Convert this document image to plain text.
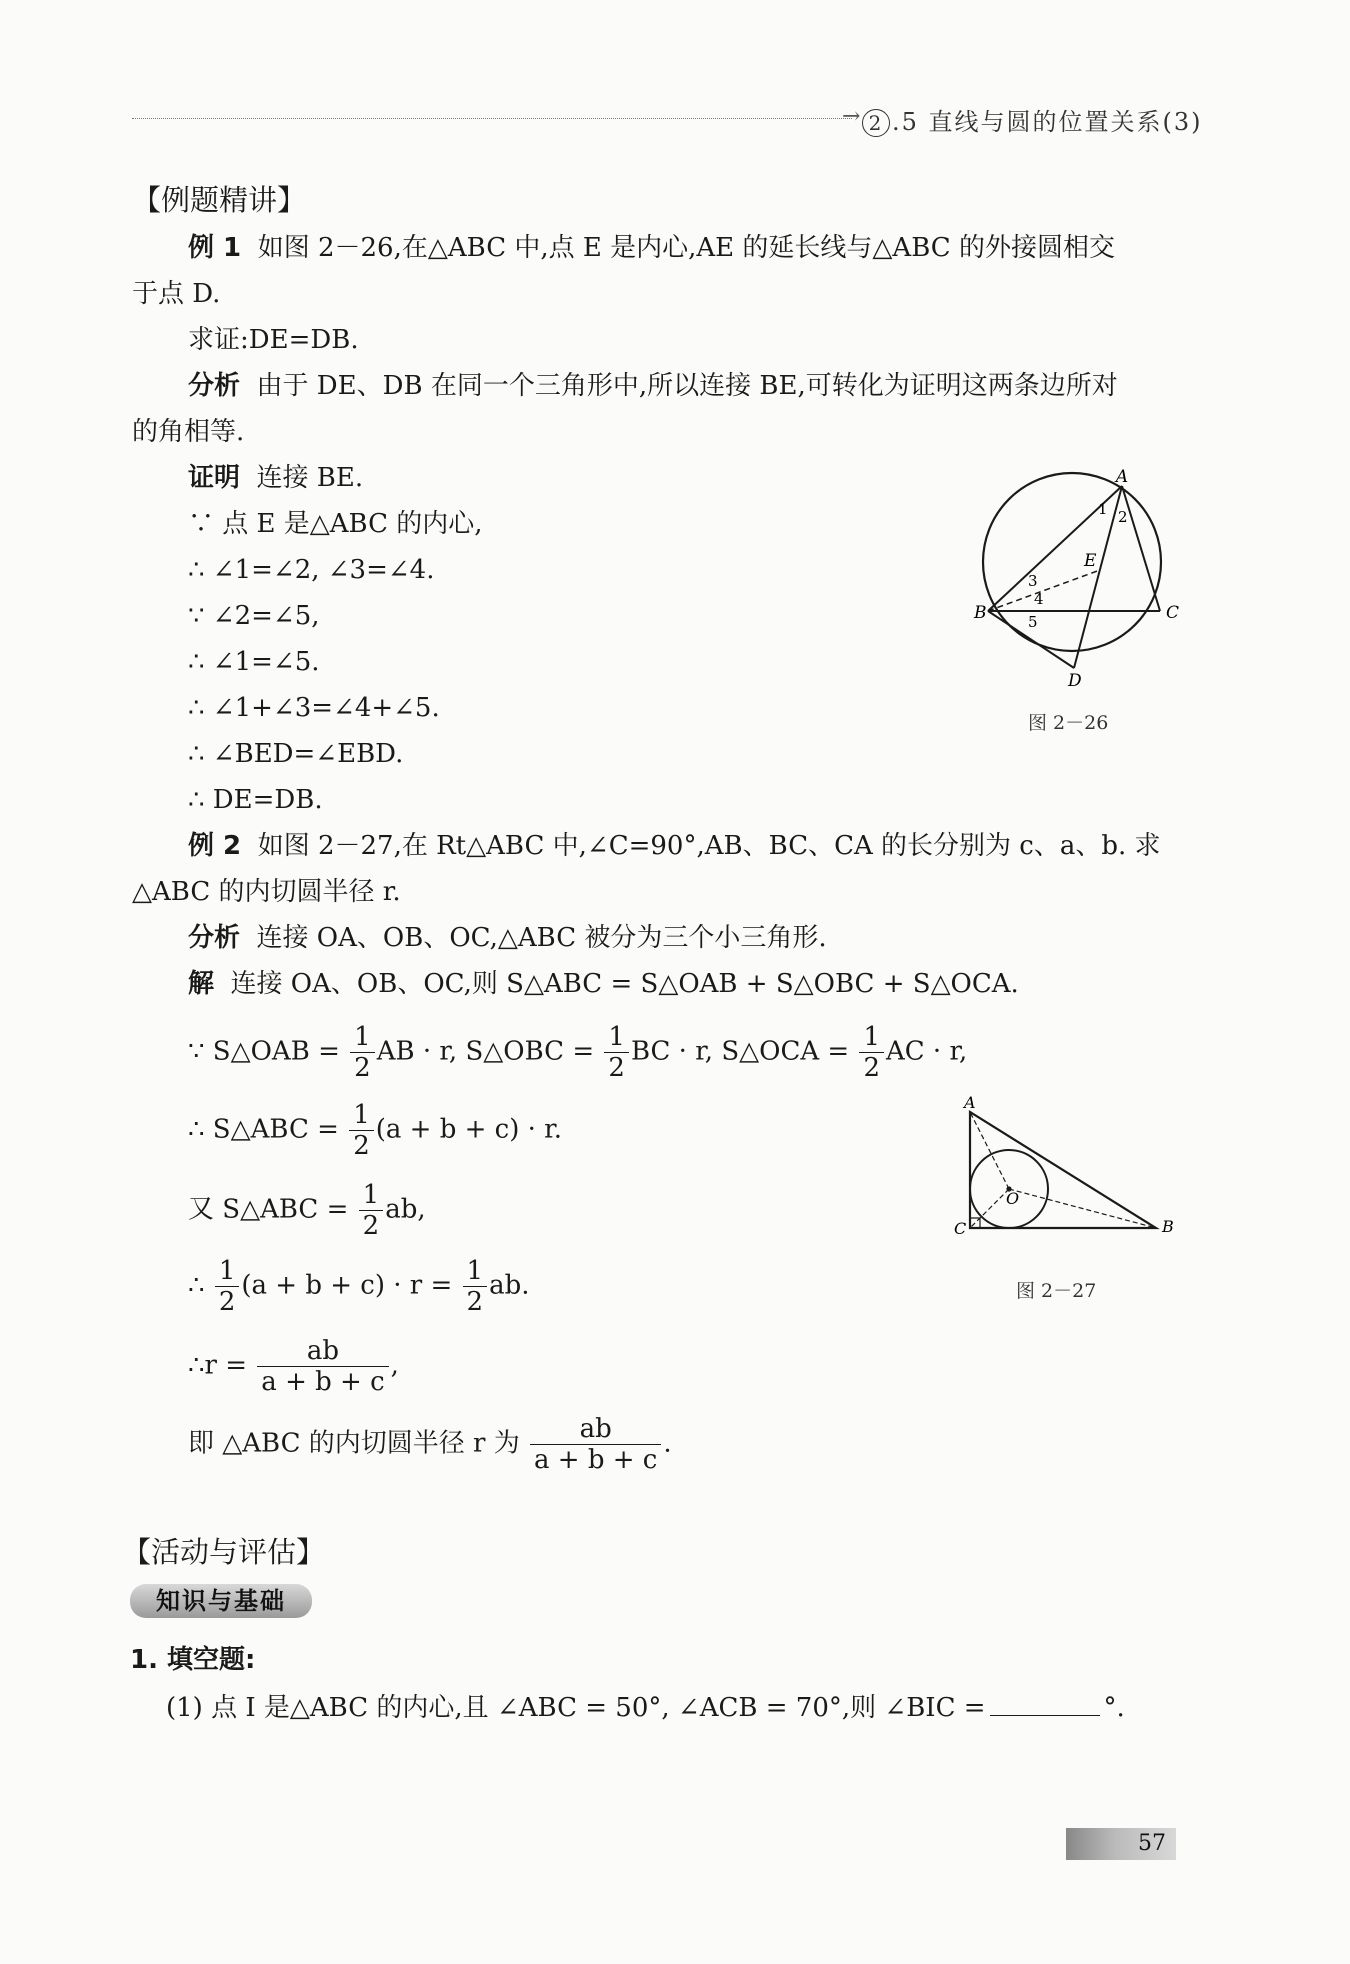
→ 2 .5 直线与圆的位置关系(3)
【例题精讲】
例 1 如图 2－26,在△ABC 中,点 E 是内心,AE 的延长线与△ABC 的外接圆相交
于点 D.
求证:DE=DB.
分析 由于 DE、DB 在同一个三角形中,所以连接 BE,可转化为证明这两条边所对
的角相等.
证明 连接 BE.
∵ 点 E 是△ABC 的内心,
∴ ∠1=∠2, ∠3=∠4.
∵ ∠2=∠5,
∴ ∠1=∠5.
∴ ∠1+∠3=∠4+∠5.
∴ ∠BED=∠EBD.
∴ DE=DB.
A
B	C
D
E
1 2
3
4
5
图 2－26
例 2 如图 2－27,在 Rt△ABC 中,∠C=90°,AB、BC、CA 的长分别为 c、a、b. 求
△ABC 的内切圆半径 r.
分析 连接 OA、OB、OC,△ABC 被分为三个小三角形.
解 连接 OA、OB、OC,则 S△ABC = S△OAB + S△OBC + S△OCA.
∵ S△OAB = $\frac{1}{2}$ AB · r, S△OBC = $\frac{1}{2}$ BC · r, S△OCA = $\frac{1}{2}$ AC · r,
∴ S△ABC = $\frac{1}{2} (a + b + c) \cdot r$.
又 S△ABC = $\frac{1}{2}$ ab,
∴ $\frac{1}{2} (a + b + c) \cdot r = \frac{1}{2}$ ab.
∴r = $\frac{ab}{a + b + c}$ ,
即 △ABC 的内切圆半径 r 为 $\frac{ab}{a + b + c}$ .
A
B
C
O
图 2－27
【活动与评估】
知识与基础
1. 填空题:
(1) 点 I 是△ABC 的内心,且 ∠ABC = 50°, ∠ACB = 70°,则 ∠BIC =	°.
57
